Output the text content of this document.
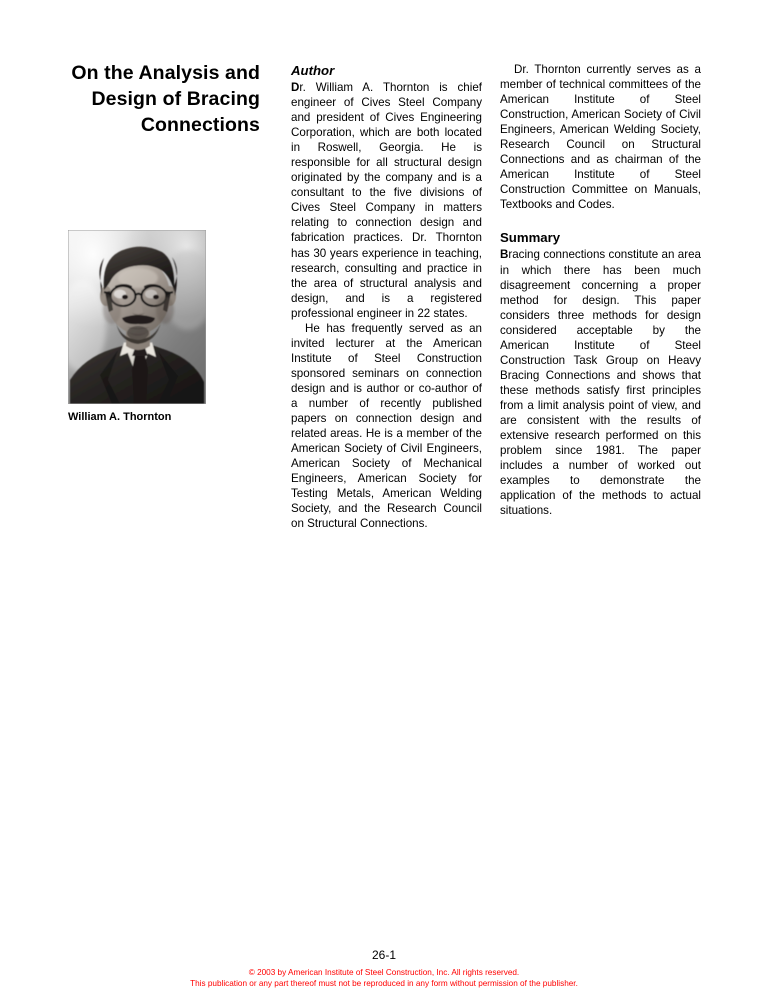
On the Analysis and Design of Bracing Connections
William A. Thornton
Author

Dr. William A. Thornton is chief engineer of Cives Steel Company and president of Cives Engineering Corporation, which are both located in Roswell, Georgia. He is responsible for all structural design originated by the company and is a consultant to the five divisions of Cives Steel Company in matters relating to connection design and fabrication practices. Dr. Thornton has 30 years experience in teaching, research, consulting and practice in the area of structural analysis and design, and is a registered professional engineer in 22 states.

He has frequently served as an invited lecturer at the American Institute of Steel Construction sponsored seminars on connection design and is author or co-author of a number of recently published papers on connection design and related areas. He is a member of the American Society of Civil Engineers, American Society of Mechanical Engineers, American Society for Testing Metals, American Welding Society, and the Research Council on Structural Connections.

Dr. Thornton currently serves as a member of technical committees of the American Institute of Steel Construction, American Society of Civil Engineers, American Welding Society, Research Council on Structural Connections and as chairman of the American Institute of Steel Construction Committee on Manuals, Textbooks and Codes.

Summary

Bracing connections constitute an area in which there has been much disagreement concerning a proper method for design. This paper considers three methods for design considered acceptable by the American Institute of Steel Construction Task Group on Heavy Bracing Connections and shows that these methods satisfy first principles from a limit analysis point of view, and are consistent with the results of extensive research performed on this problem since 1981. The paper includes a number of worked out examples to demonstrate the application of the methods to actual situations.

26-1
© 2003 by American Institute of Steel Construction, Inc. All rights reserved.
This publication or any part thereof must not be reproduced in any form without permission of the publisher.
